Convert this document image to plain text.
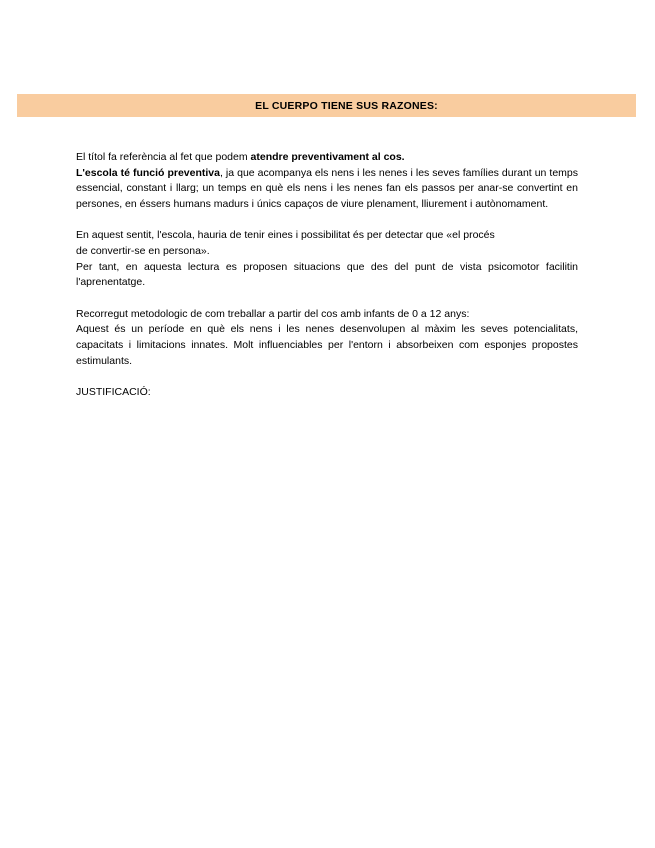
EL CUERPO TIENE SUS RAZONES:

El títol fa referència al fet que podem atendre preventivament al cos.

L'escola té funció preventiva, ja que acompanya els nens i les nenes i les seves famílies durant un temps essencial, constant i llarg; un temps en què els nens i les nenes fan els passos per anar-se convertint en persones, en éssers humans madurs i únics capaços de viure plenament, lliurement i autònomament.

En aquest sentit, l'escola, hauria de tenir eines i possibilitat és per detectar que «el procés

de convertir-se en persona».

Per tant, en aquesta lectura es proposen situacions que des del punt de vista psicomotor facilitin l'aprenentatge.

Recorregut metodologic de com treballar a partir del cos amb infants de 0 a 12 anys:

Aquest és un període en què els nens i les nenes desenvolupen al màxim les seves potencialitats, capacitats i limitacions innates. Molt influenciables per l'entorn i absorbeixen com esponjes propostes estimulants.

JUSTIFICACIÓ:
